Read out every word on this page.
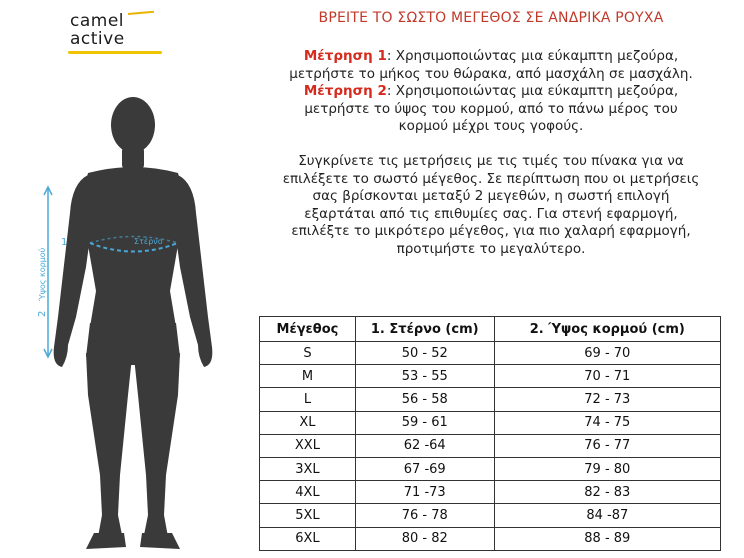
camel
active
Στέρνο
1
2
Ύψος κορμού
ΒΡΕΙΤΕ ΤΟ ΣΩΣΤΟ ΜΕΓΕΘΟΣ ΣΕ ΑΝΔΡΙΚΑ ΡΟΥΧΑ

Μέτρηση 1: Χρησιμοποιώντας μια εύκαμπτη μεζούρα,

μετρήστε το μήκος του θώρακα, από μασχάλη σε μασχάλη.

Μέτρηση 2: Χρησιμοποιώντας μια εύκαμπτη μεζούρα,

μετρήστε το ύψος του κορμού, από το πάνω μέρος του

κορμού μέχρι τους γοφούς.

Συγκρίνετε τις μετρήσεις με τις τιμές του πίνακα για να

επιλέξετε το σωστό μέγεθος. Σε περίπτωση που οι μετρήσεις

σας βρίσκονται μεταξύ 2 μεγεθών, η σωστή επιλογή

εξαρτάται από τις επιθυμίες σας. Για στενή εφαρμογή,

επιλέξτε το μικρότερο μέγεθος, για πιο χαλαρή εφαρμογή,

προτιμήστε το μεγαλύτερο.

Μέγεθος	1. Στέρνο (cm)	2. Ύψος κορμού (cm)
S	50 - 52	69 - 70
M	53 - 55	70 - 71
L	56 - 58	72 - 73
XL	59 - 61	74 - 75
XXL	62 -64	76 - 77
3XL	67 -69	79 - 80
4XL	71 -73	82 - 83
5XL	76 - 78	84 -87
6XL	80 - 82	88 - 89
